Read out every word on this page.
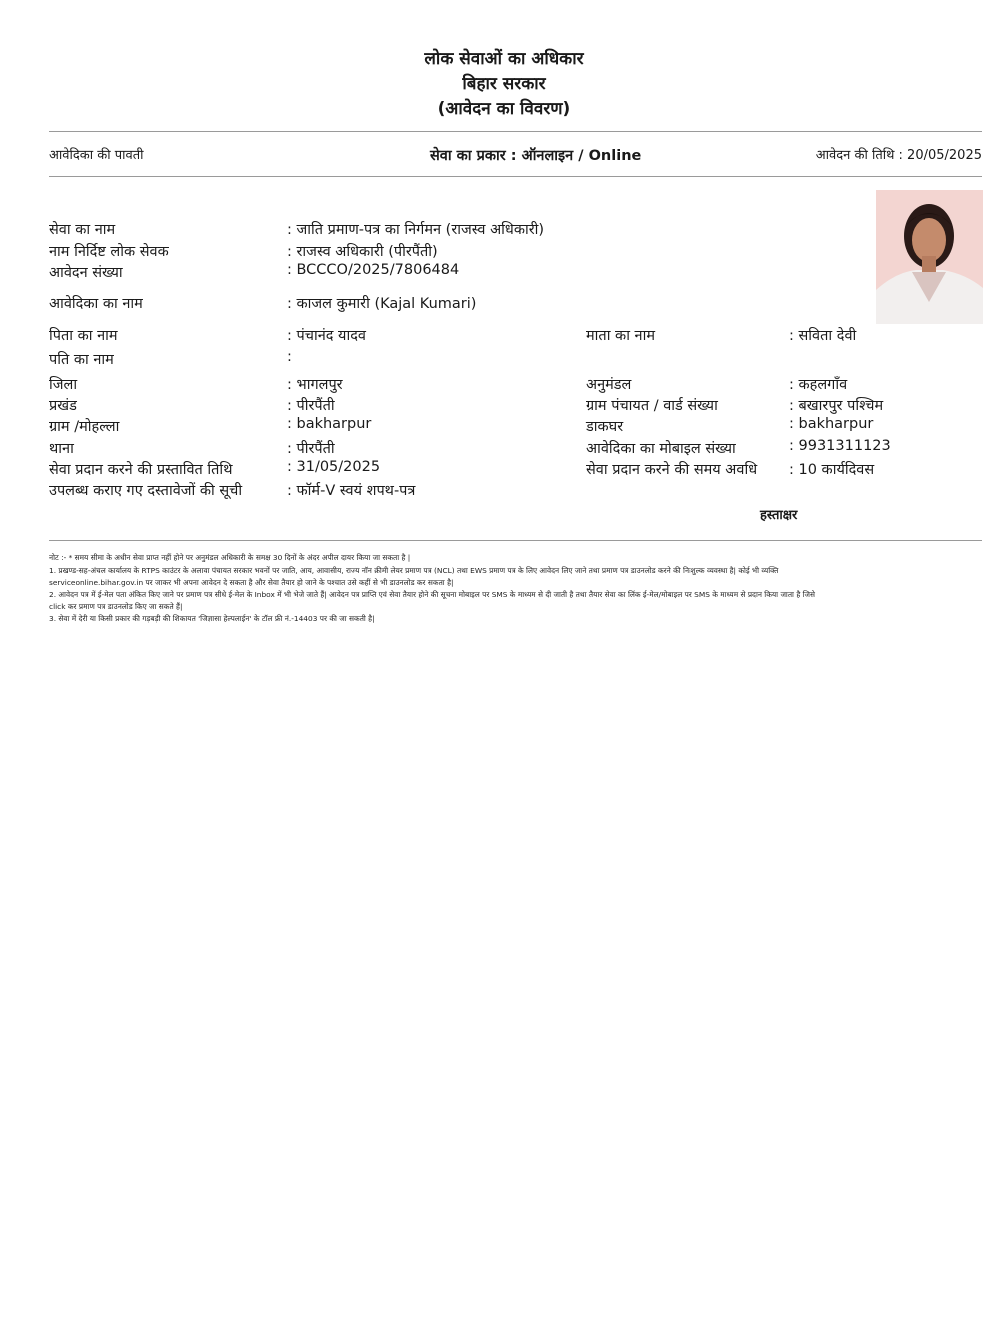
लोक सेवाओं का अधिकार
बिहार सरकार
(आवेदन का विवरण)
आवेदिका की पावती	सेवा का प्रकार : ऑनलाइन / Online	आवेदन की तिथि : 20/05/2025
सेवा का नाम	: जाति प्रमाण-पत्र का निर्गमन (राजस्व अधिकारी)
नाम निर्दिष्ट लोक सेवक	: राजस्व अधिकारी (पीरपैंती)
आवेदन संख्या	: BCCCO/2025/7806484
आवेदिका का नाम	: काजल कुमारी (Kajal Kumari)
पिता का नाम	: पंचानंद यादव	माता का नाम	: सविता देवी
पति का नाम	:
जिला	: भागलपुर	अनुमंडल	: कहलगाँव
प्रखंड	: पीरपैंती	ग्राम पंचायत / वार्ड संख्या	: बखारपुर पश्चिम
ग्राम /मोहल्ला	: bakharpur	डाकघर	: bakharpur
थाना	: पीरपैंती	आवेदिका का मोबाइल संख्या	: 9931311123
सेवा प्रदान करने की प्रस्तावित तिथि	: 31/05/2025	सेवा प्रदान करने की समय अवधि : 10 कार्यदिवस
उपलब्ध कराए गए दस्तावेजों की सूची	: फॉर्म-V स्वयं शपथ-पत्र
हस्ताक्षर
नोट :- * समय सीमा के अधीन सेवा प्राप्त नहीं होने पर अनुमंडल अधिकारी के समक्ष 30 दिनों के अंदर अपील दायर किया जा सकता है |
1. प्रखण्ड-सह-अंचल कार्यालय के RTPS काउंटर के अलावा पंचायत सरकार भवनों पर जाति, आय, आवासीय, राज्य नॉन क्रीमी लेयर प्रमाण पत्र (NCL) तथा EWS प्रमाण पत्र के लिए आवेदन लिए जाने तथा प्रमाण पत्र डाउनलोड करने की निःशुल्क व्यवस्था है| कोई भी व्यक्ति
serviceonline.bihar.gov.in पर जाकर भी अपना आवेदन दे सकता है और सेवा तैयार हो जाने के पश्चात उसे कहीं से भी डाउनलोड कर सकता है|
2. आवेदन पत्र में ई-मेल पता अंकित किए जाने पर प्रमाण पत्र सीधे ई-मेल के Inbox में भी भेजे जाते हैं| आवेदन पत्र प्राप्ति एवं सेवा तैयार होने की सूचना मोबाइल पर SMS के माध्यम से दी जाती है तथा तैयार सेवा का लिंक ई-मेल/मोबाइल पर SMS के माध्यम से प्रदान किया जाता है जिसे
click कर प्रमाण पत्र डाउनलोड किए जा सकते हैं|
3. सेवा में देरी या किसी प्रकार की गड़बड़ी की शिकायत 'जिज्ञासा हेल्पलाईन' के टॉल फ्री नं.-14403 पर की जा सकती है|
